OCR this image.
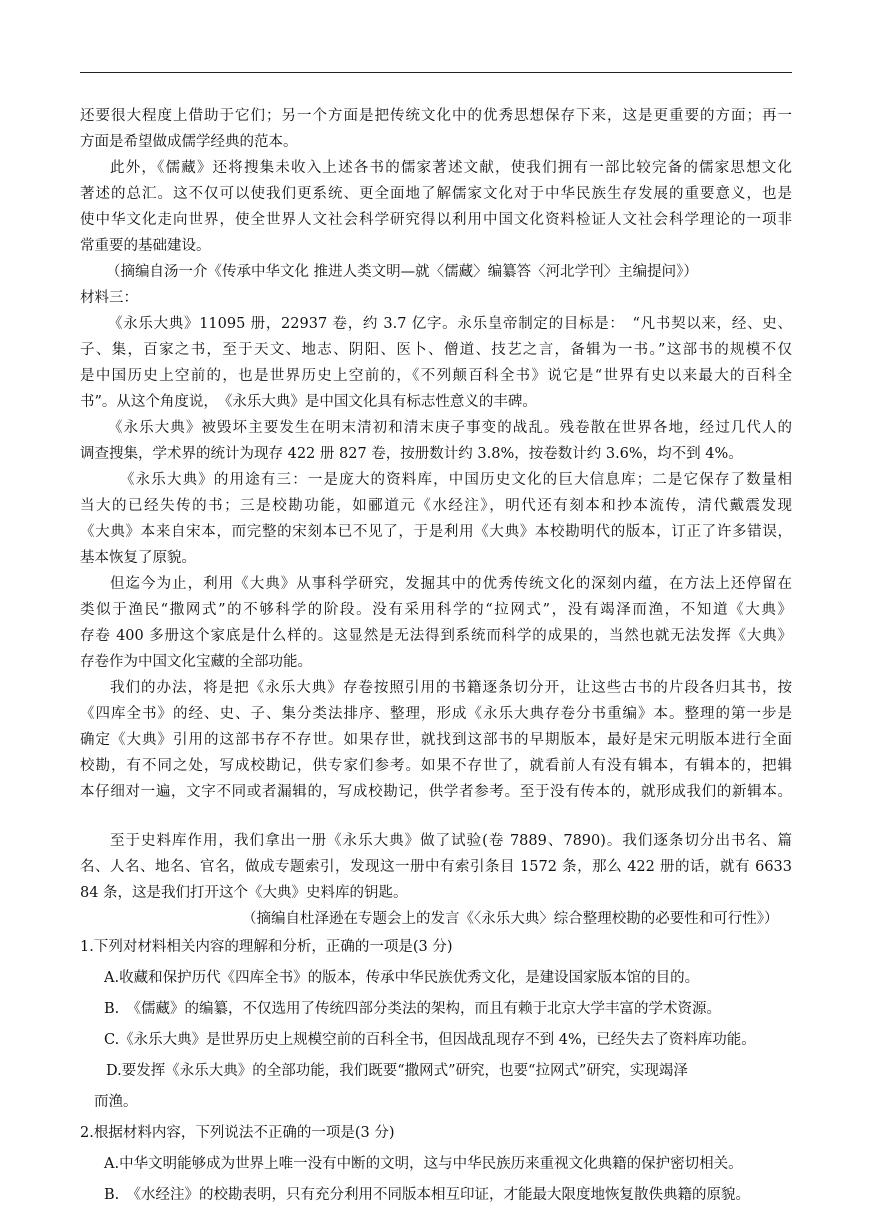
还要很大程度上借助于它们；另一个方面是把传统文化中的优秀思想保存下来，这是更重要的方面；再一
方面是希望做成儒学经典的范本。
此外，《儒藏》还将搜集未收入上述各书的儒家著述文献，使我们拥有一部比较完备的儒家思想文化
著述的总汇。这不仅可以使我们更系统、更全面地了解儒家文化对于中华民族生存发展的重要意义，也是
使中华文化走向世界，使全世界人文社会科学研究得以利用中国文化资料检证人文社会科学理论的一项非
常重要的基础建设。
（摘编自汤一介《传承中华文化 推进人类文明—就〈儒藏〉编纂答〈河北学刊〉主编提问》）
材料三：
《永乐大典》11095 册，22937 卷，约 3.7 亿字。永乐皇帝制定的目标是：　“凡书契以来，经、史、
子、集，百家之书，至于天文、地志、阴阳、医卜、僧道、技艺之言，备辑为一书。”这部书的规模不仅
是中国历史上空前的，也是世界历史上空前的，《不列颠百科全书》说它是“世界有史以来最大的百科全
书”。从这个角度说，　《永乐大典》是中国文化具有标志性意义的丰碑。
《永乐大典》被毁坏主要发生在明末清初和清末庚子事变的战乱。残卷散在世界各地，经过几代人的
调查搜集，学术界的统计为现存 422 册 827 卷，按册数计约 3.8%，按卷数计约 3.6%，均不到 4%。
《永乐大典》的用途有三：一是庞大的资料库，中国历史文化的巨大信息库；二是它保存了数量相
当大的已经失传的书；三是校勘功能，如郦道元《水经注》，明代还有刻本和抄本流传，清代戴震发现
《大典》本来自宋本，而完整的宋刻本已不见了，于是利用《大典》本校勘明代的版本，订正了许多错误，
基本恢复了原貌。
但迄今为止，利用《大典》从事科学研究，发掘其中的优秀传统文化的深刻内蕴，在方法上还停留在
类似于渔民“撒网式”的不够科学的阶段。没有采用科学的“拉网式”，没有竭泽而渔，不知道《大典》
存卷 400 多册这个家底是什么样的。这显然是无法得到系统而科学的成果的，当然也就无法发挥《大典》
存卷作为中国文化宝藏的全部功能。
我们的办法，将是把《永乐大典》存卷按照引用的书籍逐条切分开，让这些古书的片段各归其书，按
《四库全书》的经、史、子、集分类法排序、整理，形成《永乐大典存卷分书重编》本。整理的第一步是
确定《大典》引用的这部书存不存世。如果存世，就找到这部书的早期版本，最好是宋元明版本进行全面
校勘，有不同之处，写成校勘记，供专家们参考。如果不存世了，就看前人有没有辑本，有辑本的，把辑
本仔细对一遍，文字不同或者漏辑的，写成校勘记，供学者参考。至于没有传本的，就形成我们的新辑本。
至于史料库作用，我们拿出一册《永乐大典》做了试验(卷 7889、7890)。我们逐条切分出书名、篇
名、人名、地名、官名，做成专题索引，发现这一册中有索引条目 1572 条，那么 422 册的话，就有 6633
84 条，这是我们打开这个《大典》史料库的钥匙。
（摘编自杜泽逊在专题会上的发言《〈永乐大典〉综合整理校勘的必要性和可行性》）
1.下列对材料相关内容的理解和分析，正确的一项是(3 分)
A.收藏和保护历代《四库全书》的版本，传承中华民族优秀文化，是建设国家版本馆的目的。
B.　《儒藏》的编纂，不仅选用了传统四部分类法的架构，而且有赖于北京大学丰富的学术资源。
C.《永乐大典》是世界历史上规模空前的百科全书，但因战乱现存不到 4%，已经失去了资料库功能。
D.要发挥《永乐大典》的全部功能，我们既要“撒网式”研究，也要“拉网式”研究，实现竭泽
而渔。
2.根据材料内容，下列说法不正确的一项是(3 分)
A.中华文明能够成为世界上唯一没有中断的文明，这与中华民族历来重视文化典籍的保护密切相关。
B.　《水经注》的校勘表明，只有充分利用不同版本相互印证，才能最大限度地恢复散佚典籍的原貌。
